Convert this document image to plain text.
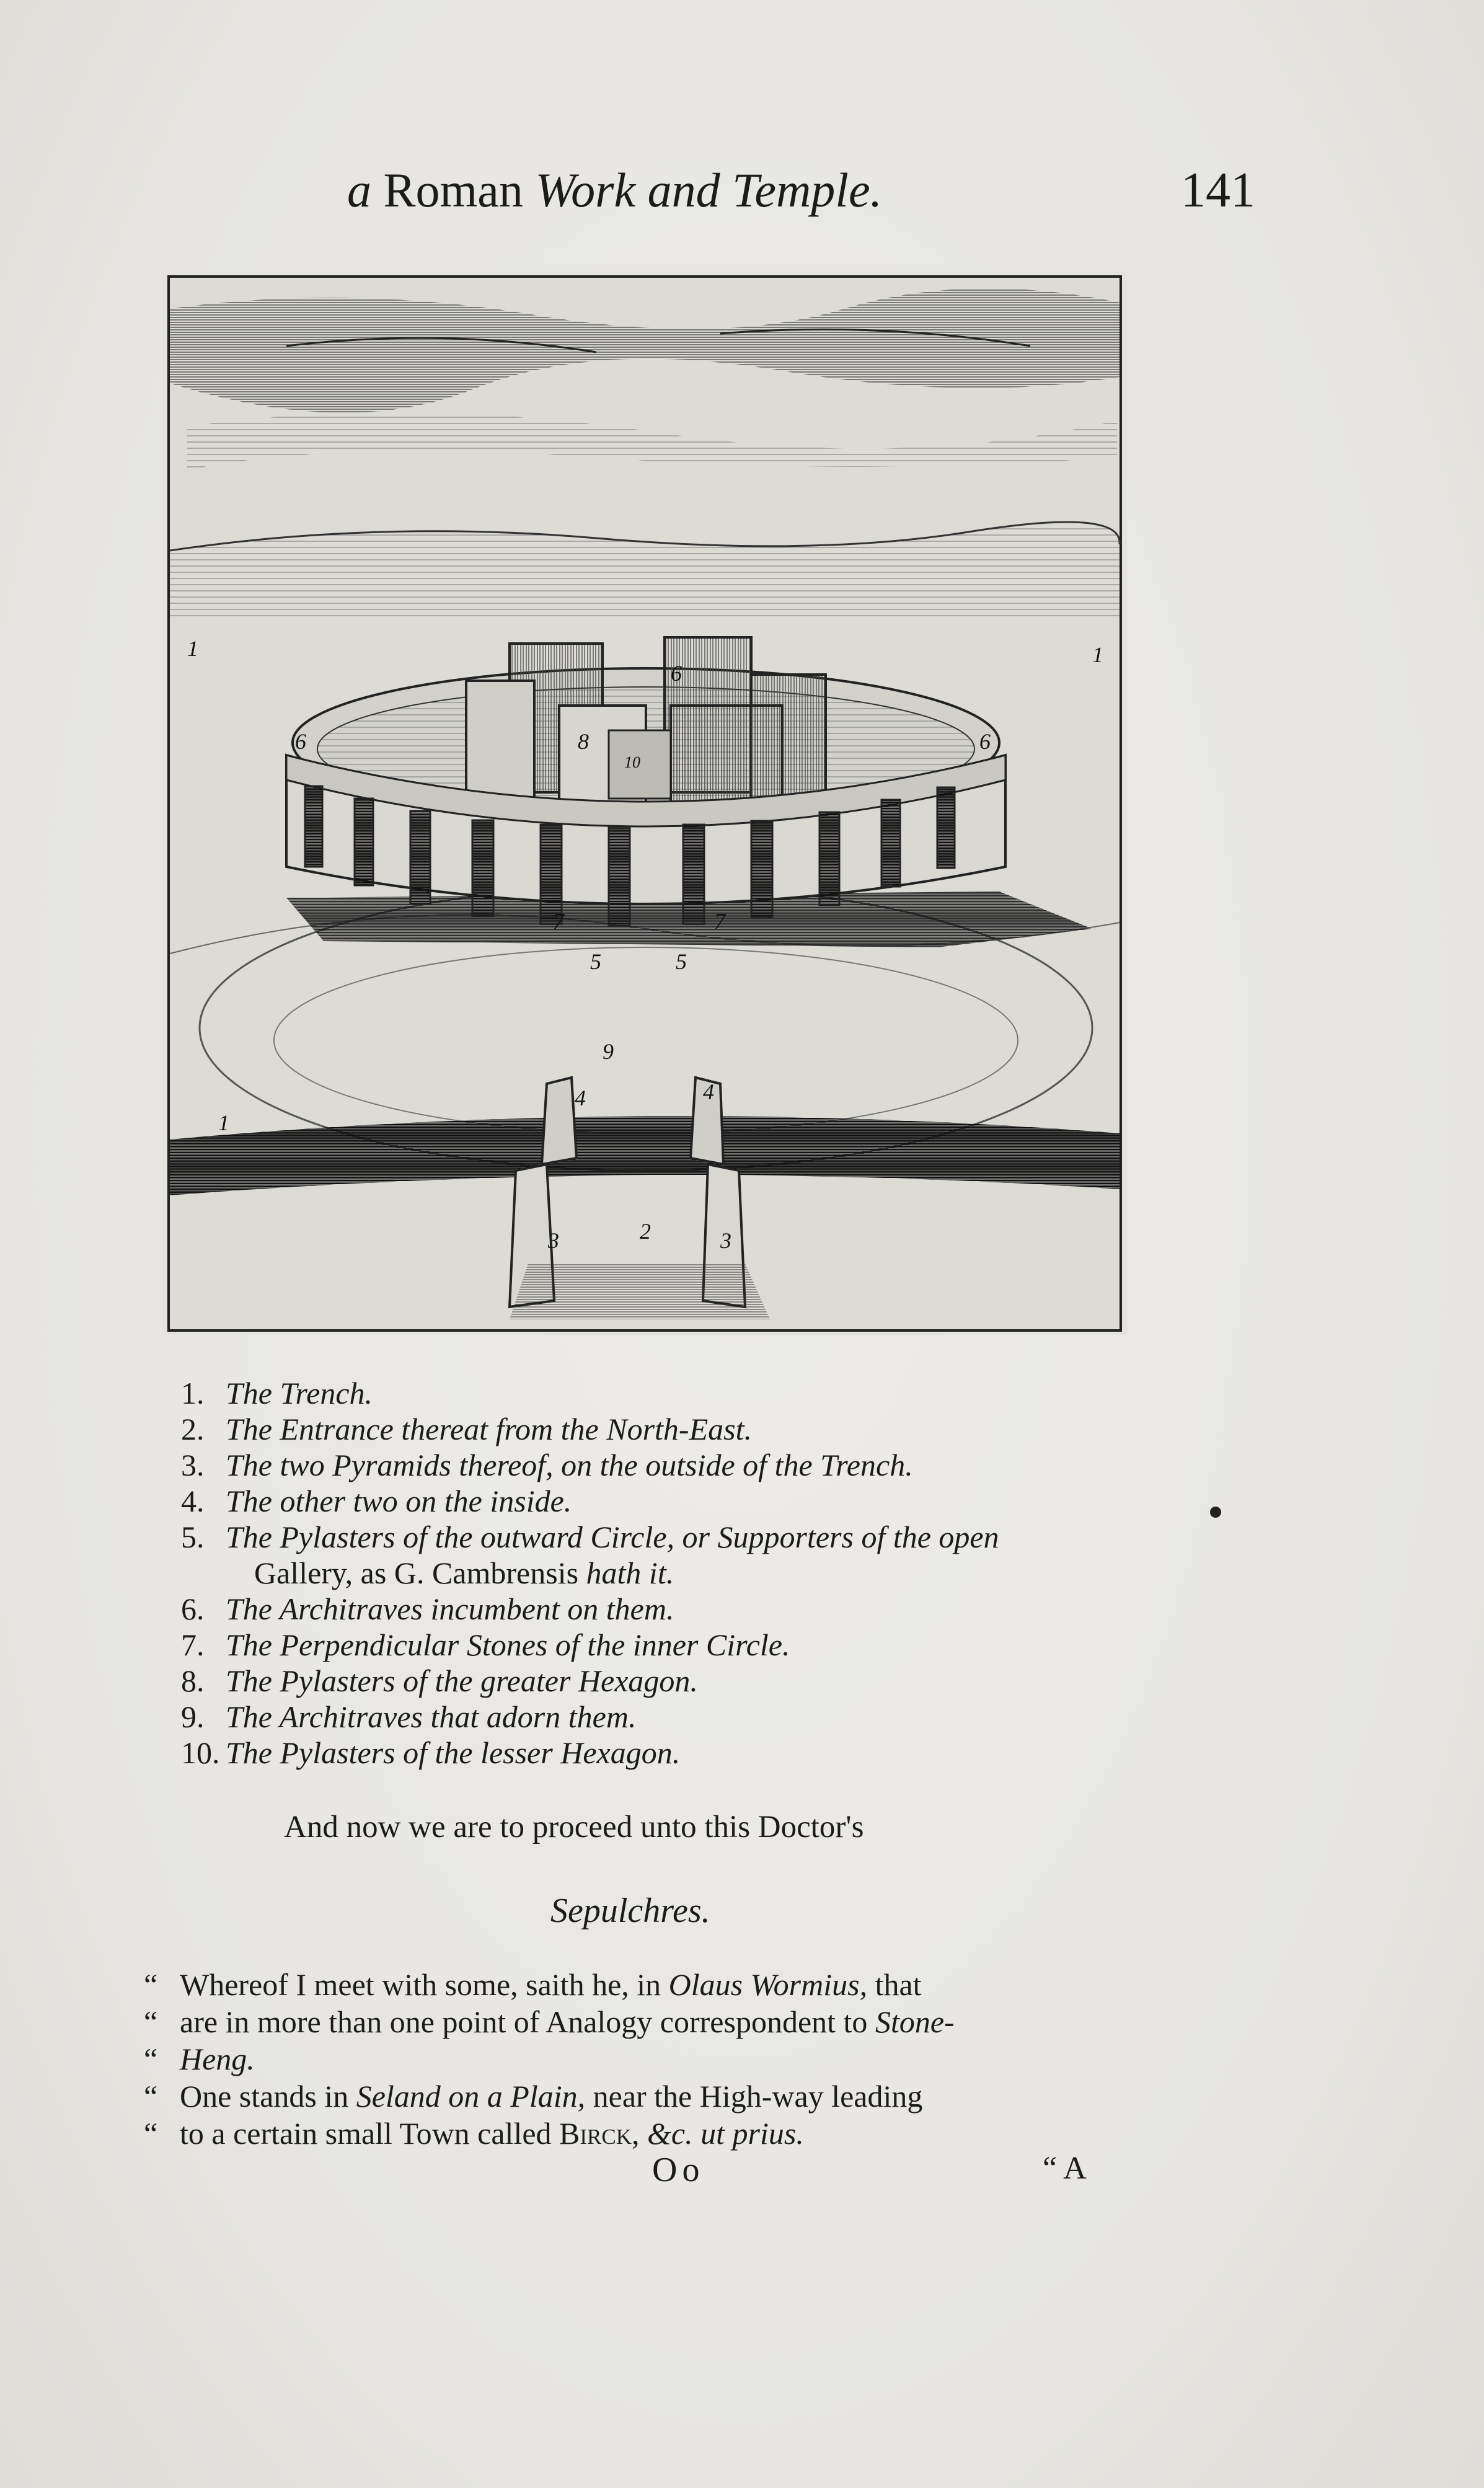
a Roman Work and Temple.	141
1	1
1
2
3	3
4	4
5	5
6	6
6
7	7
8
9
10
1. The Trench.
2. The Entrance thereat from the North-East.
3. The two Pyramids thereof, on the outside of the Trench.
4. The other two on the inside.
5. The Pylasters of the outward Circle, or Supporters of the open
Gallery, as G. Cambrensis hath it.
6. The Architraves incumbent on them.
7. The Perpendicular Stones of the inner Circle.
8. The Pylasters of the greater Hexagon.
9. The Architraves that adorn them.
10. The Pylasters of the lesser Hexagon.
And now we are to proceed unto this Doctor's
Sepulchres.
“ Whereof I meet with some, saith he, in Olaus Wormius, that
“ are in more than one point of Analogy correspondent to Stone-
“ Heng.
“ One stands in Seland on a Plain, near the High-way leading
“ to a certain small Town called Birck, &c. ut prius.
Oo	“ A
